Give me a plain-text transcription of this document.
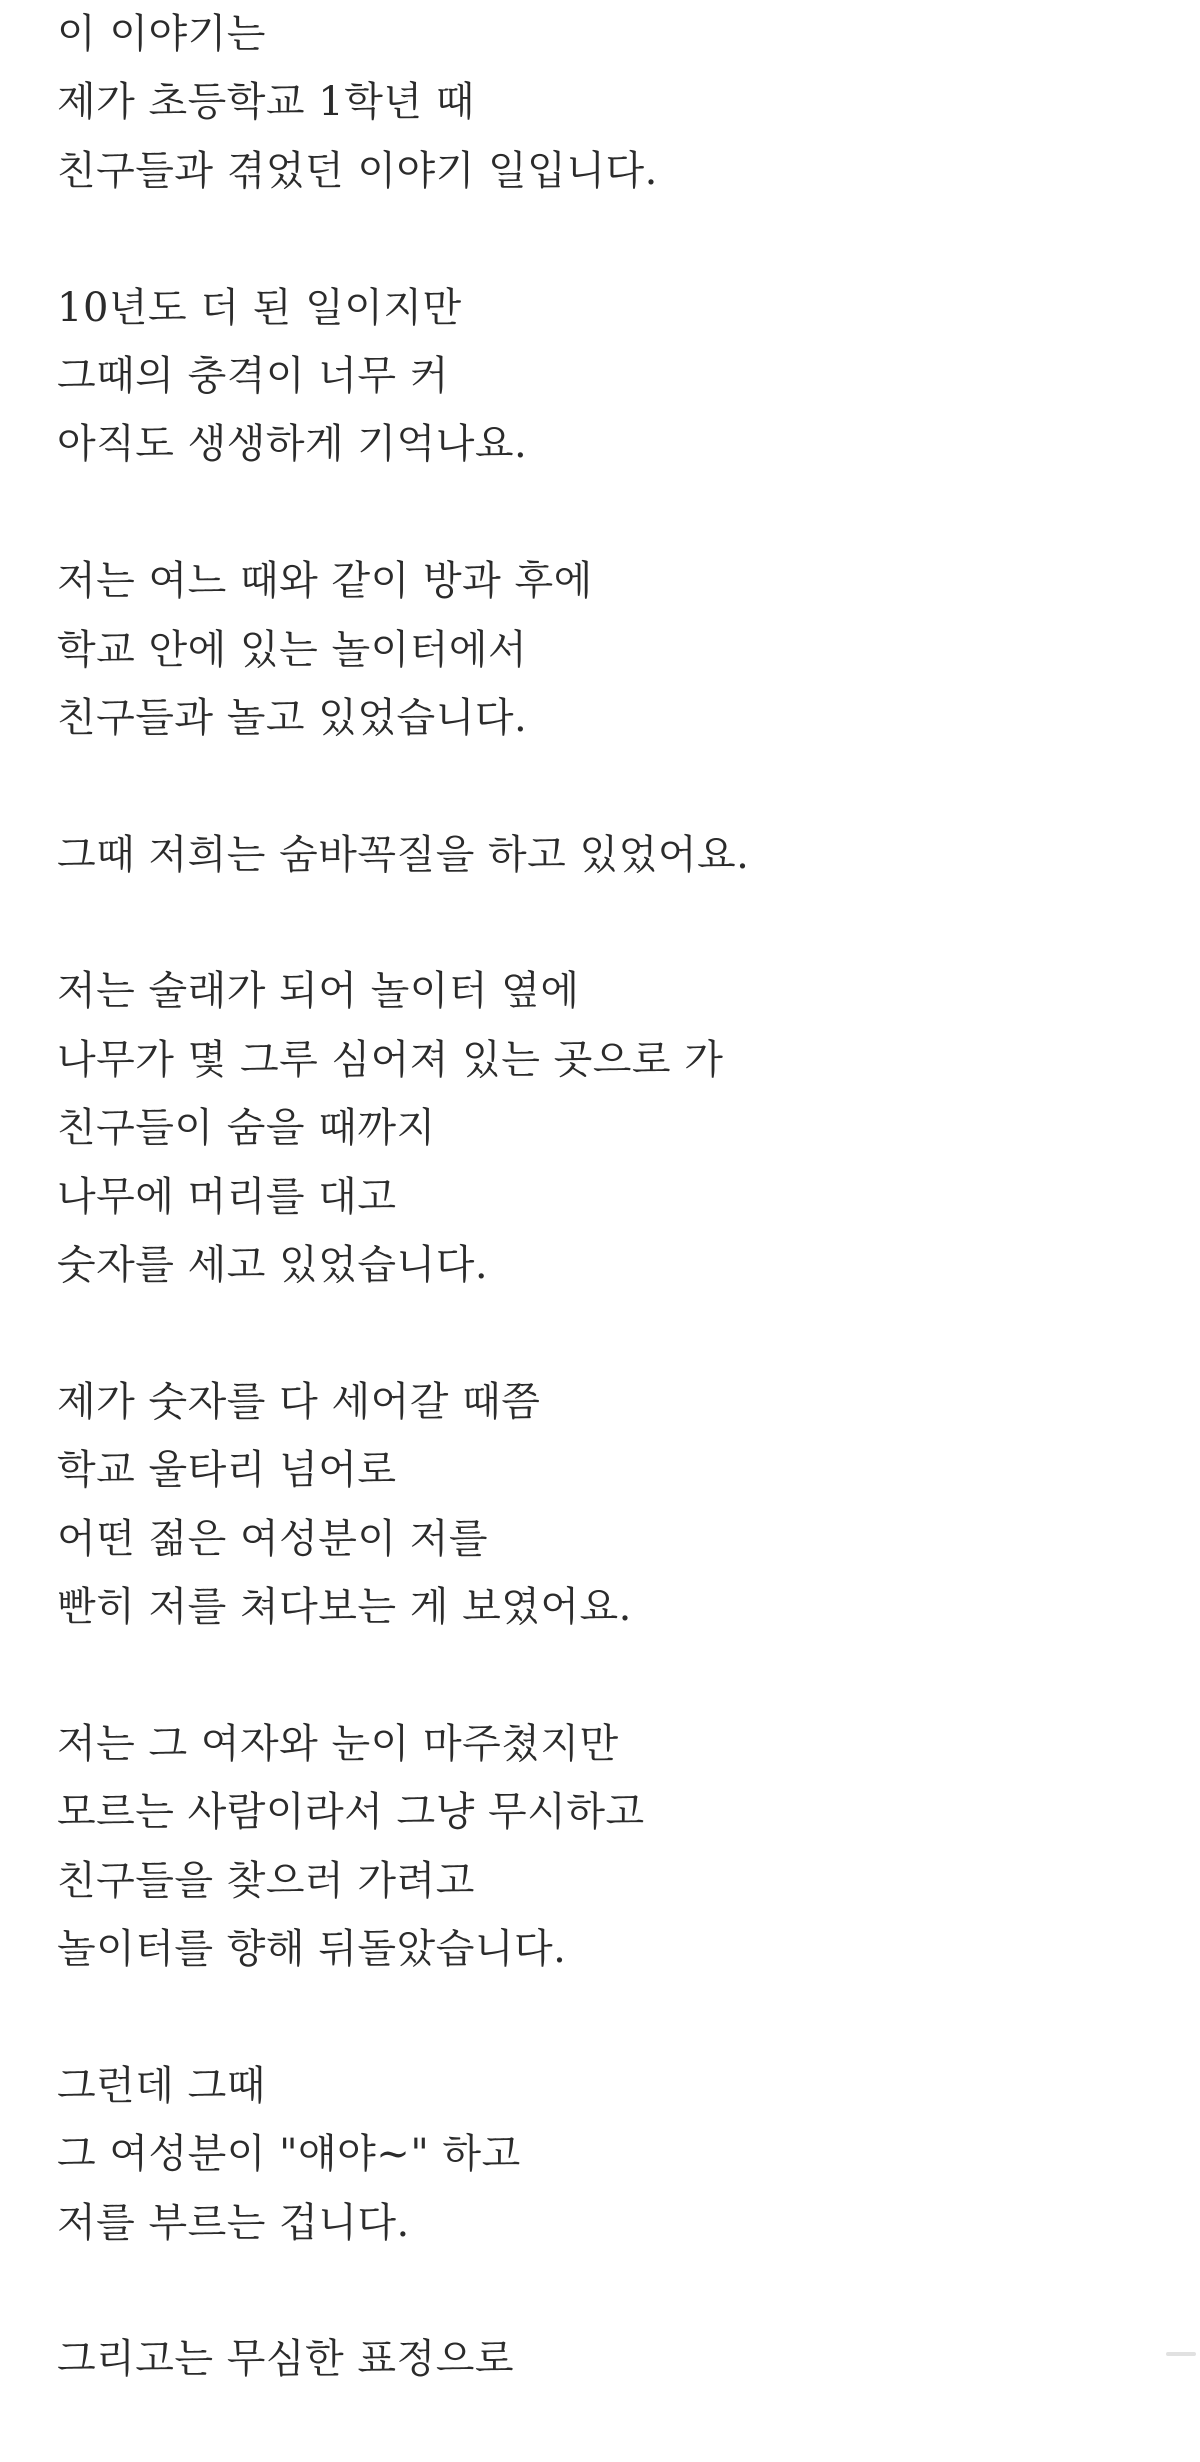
이 이야기는
제가 초등학교 1학년 때
친구들과 겪었던 이야기 일입니다.
10년도 더 된 일이지만
그때의 충격이 너무 커
아직도 생생하게 기억나요.
저는 여느 때와 같이 방과 후에
학교 안에 있는 놀이터에서
친구들과 놀고 있었습니다.
그때 저희는 숨바꼭질을 하고 있었어요.
저는 술래가 되어 놀이터 옆에
나무가 몇 그루 심어져 있는 곳으로 가
친구들이 숨을 때까지
나무에 머리를 대고
숫자를 세고 있었습니다.
제가 숫자를 다 세어갈 때쯤
학교 울타리 넘어로
어떤 젊은 여성분이 저를
빤히 저를 쳐다보는 게 보였어요.
저는 그 여자와 눈이 마주쳤지만
모르는 사람이라서 그냥 무시하고
친구들을 찾으러 가려고
놀이터를 향해 뒤돌았습니다.
그런데 그때
그 여성분이 "얘야~" 하고
저를 부르는 겁니다.
그리고는 무심한 표정으로
